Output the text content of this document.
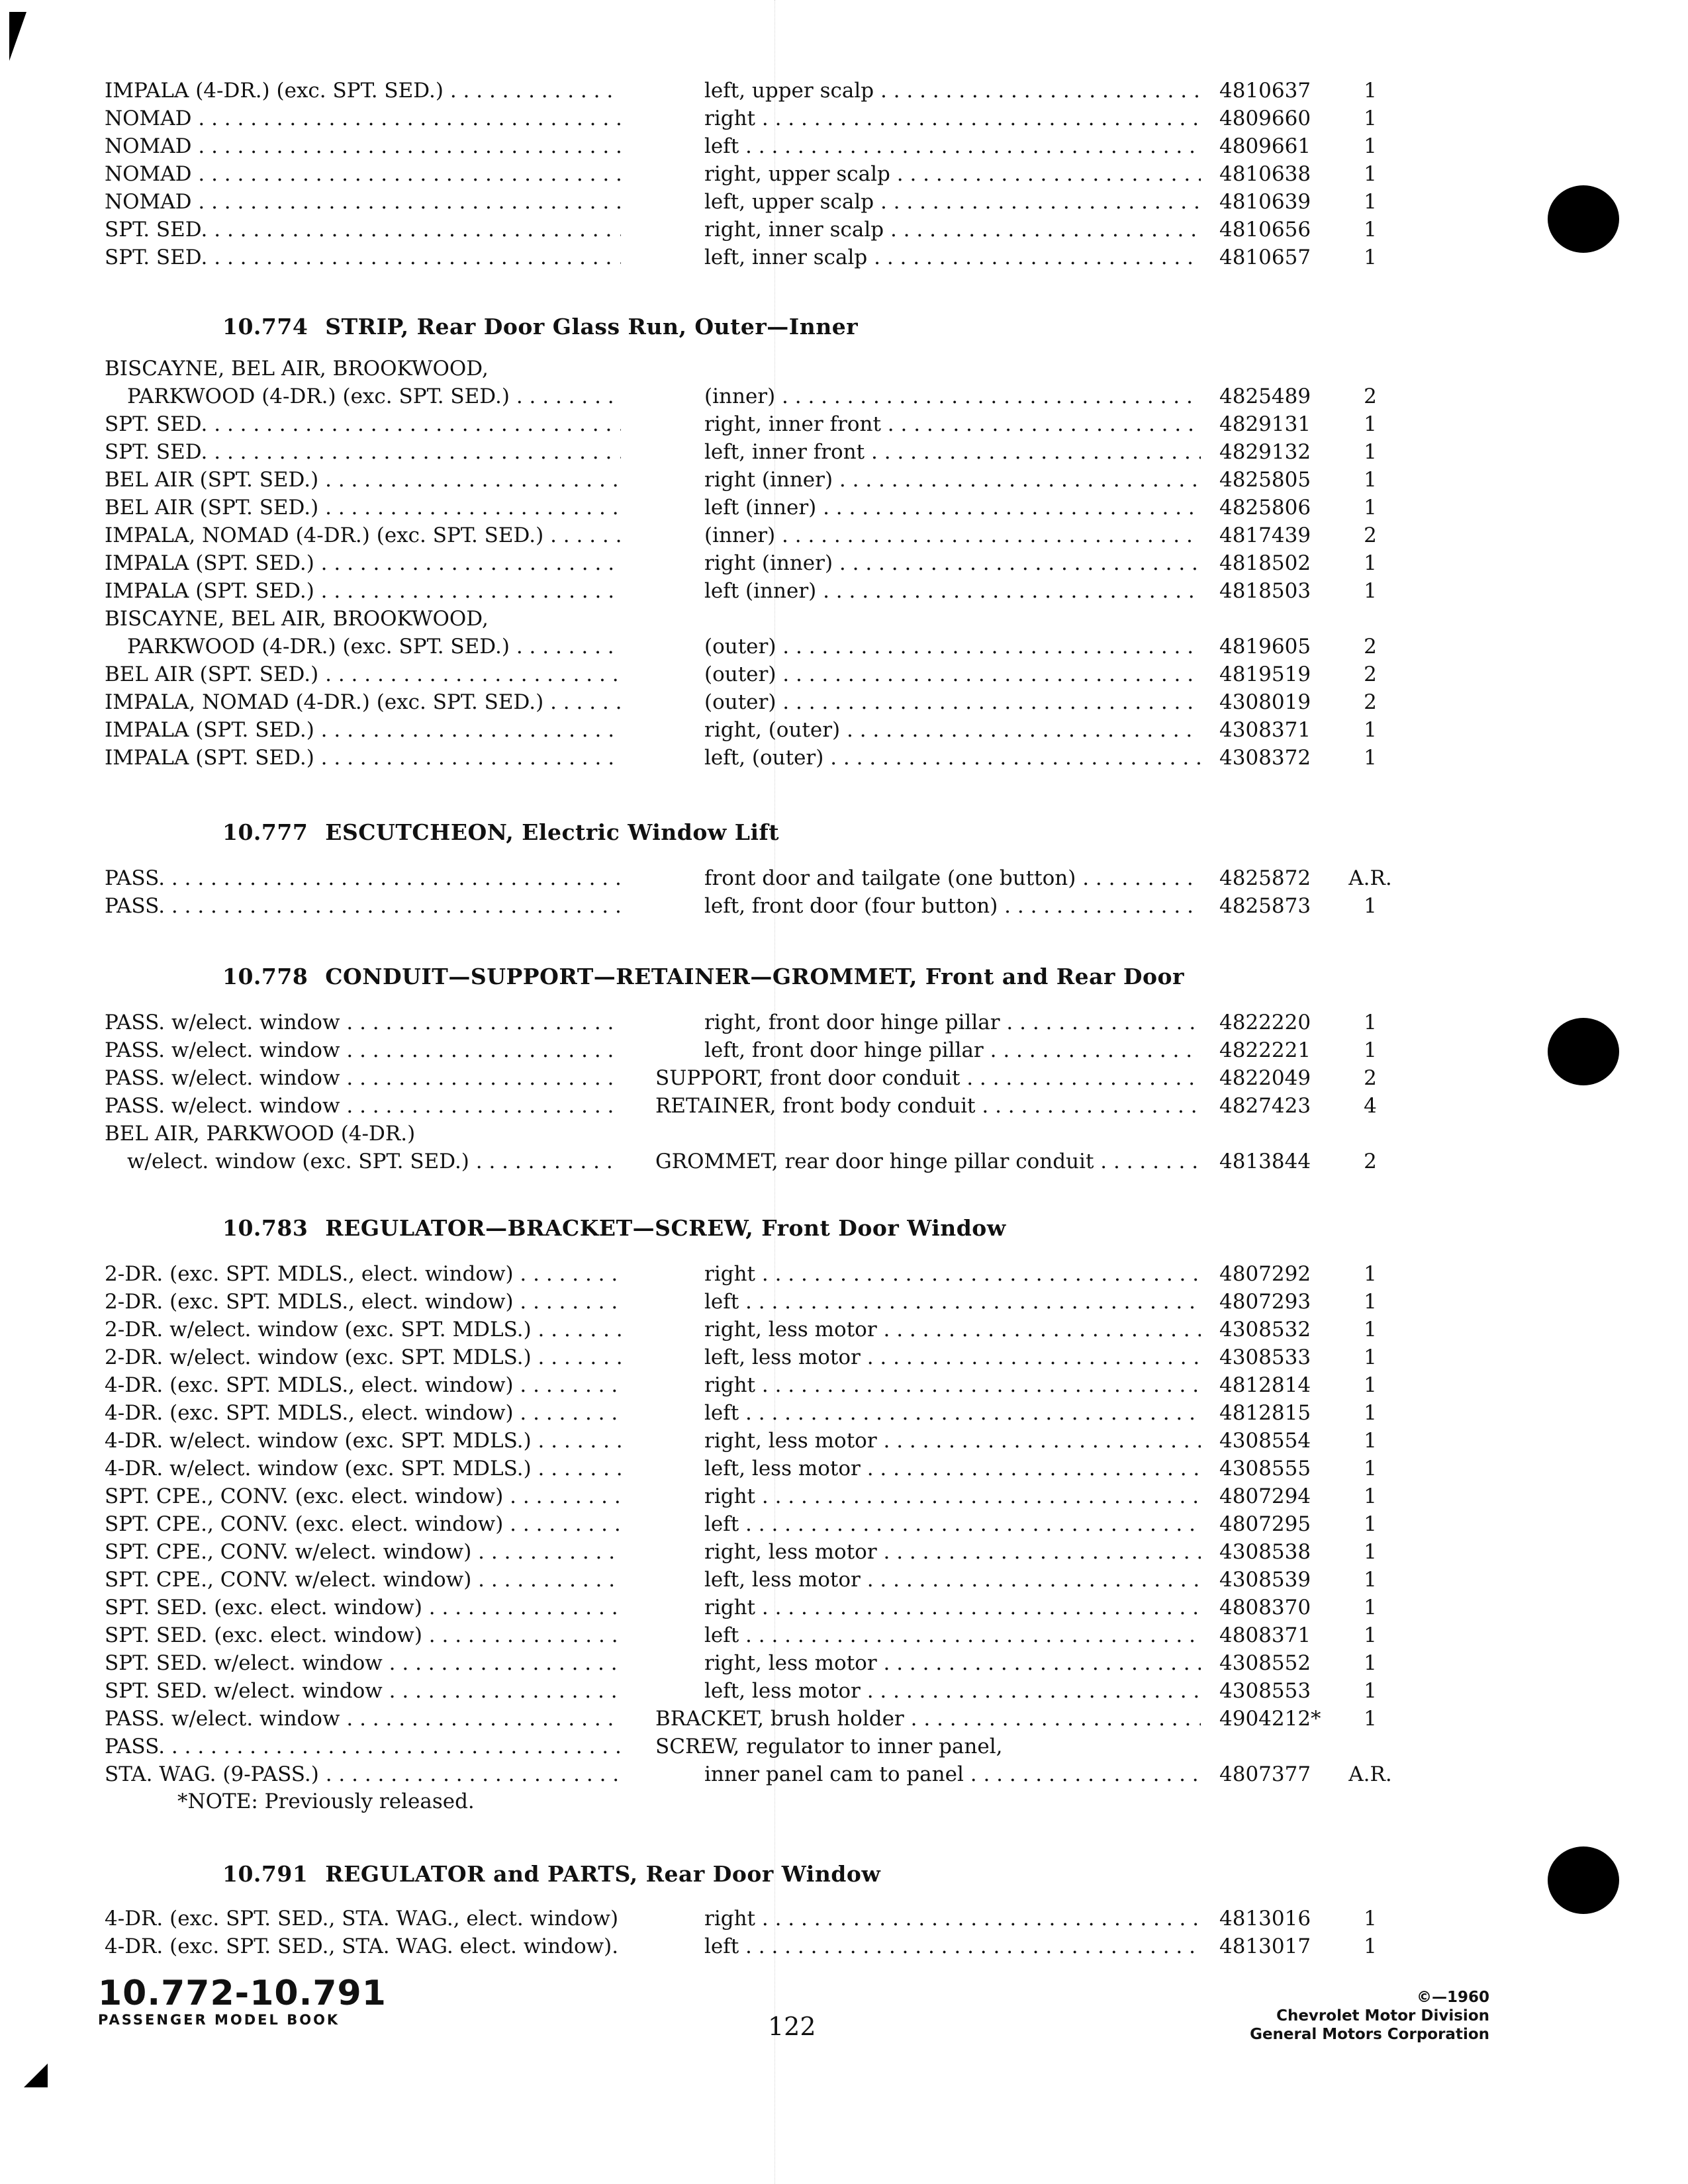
IMPALA (4-DR.) (exc. SPT. SED.) . . .	left, upper scalp . . .	4810637	1
NOMAD . . .	right . . .	4809660	1
NOMAD . . .	left . . .	4809661	1
NOMAD . . .	right, upper scalp . . .	4810638	1
NOMAD . . .	left, upper scalp . . .	4810639	1
SPT. SED. . . .	right, inner scalp . . .	4810656	1
SPT. SED. . . .	left, inner scalp . . .	4810657	1
10.774 STRIP, Rear Door Glass Run, Outer—Inner
BISCAYNE, BEL AIR, BROOKWOOD,
PARKWOOD (4-DR.) (exc. SPT. SED.) . . .	(inner) . . .	4825489	2
SPT. SED. . . .	right, inner front . . .	4829131	1
SPT. SED. . . .	left, inner front . . .	4829132	1
BEL AIR (SPT. SED.) . . .	right (inner) . . .	4825805	1
BEL AIR (SPT. SED.) . . .	left (inner) . . .	4825806	1
IMPALA, NOMAD (4-DR.) (exc. SPT. SED.) . . .	(inner) . . .	4817439	2
IMPALA (SPT. SED.) . . .	right (inner) . . .	4818502	1
IMPALA (SPT. SED.) . . .	left (inner) . . .	4818503	1
BISCAYNE, BEL AIR, BROOKWOOD,
PARKWOOD (4-DR.) (exc. SPT. SED.) . . .	(outer) . . .	4819605	2
BEL AIR (SPT. SED.) . . .	(outer) . . .	4819519	2
IMPALA, NOMAD (4-DR.) (exc. SPT. SED.) . . .	(outer) . . .	4308019	2
IMPALA (SPT. SED.) . . .	right, (outer) . . .	4308371	1
IMPALA (SPT. SED.) . . .	left, (outer) . . .	4308372	1
10.777 ESCUTCHEON, Electric Window Lift
PASS. . . .	front door and tailgate (one button) . . .	4825872	A.R.
PASS. . . .	left, front door (four button) . . .	4825873	1
10.778 CONDUIT—SUPPORT—RETAINER—GROMMET, Front and Rear Door
PASS. w/elect. window . . .	right, front door hinge pillar . . .	4822220	1
PASS. w/elect. window . . .	left, front door hinge pillar . . .	4822221	1
PASS. w/elect. window . . .	SUPPORT, front door conduit . . .	4822049	2
PASS. w/elect. window . . .	RETAINER, front body conduit . . .	4827423	4
BEL AIR, PARKWOOD (4-DR.)
w/elect. window (exc. SPT. SED.) . . .	GROMMET, rear door hinge pillar conduit . . .	4813844	2
10.783 REGULATOR—BRACKET—SCREW, Front Door Window
2-DR. (exc. SPT. MDLS., elect. window) . . .	right . . .	4807292	1
2-DR. (exc. SPT. MDLS., elect. window) . . .	left . . .	4807293	1
2-DR. w/elect. window (exc. SPT. MDLS.) . . .	right, less motor . . .	4308532	1
2-DR. w/elect. window (exc. SPT. MDLS.) . . .	left, less motor . . .	4308533	1
4-DR. (exc. SPT. MDLS., elect. window) . . .	right . . .	4812814	1
4-DR. (exc. SPT. MDLS., elect. window) . . .	left . . .	4812815	1
4-DR. w/elect. window (exc. SPT. MDLS.) . . .	right, less motor . . .	4308554	1
4-DR. w/elect. window (exc. SPT. MDLS.) . . .	left, less motor . . .	4308555	1
SPT. CPE., CONV. (exc. elect. window) . . .	right . . .	4807294	1
SPT. CPE., CONV. (exc. elect. window) . . .	left . . .	4807295	1
SPT. CPE., CONV. w/elect. window) . . .	right, less motor . . .	4308538	1
SPT. CPE., CONV. w/elect. window) . . .	left, less motor . . .	4308539	1
SPT. SED. (exc. elect. window) . . .	right . . .	4808370	1
SPT. SED. (exc. elect. window) . . .	left . . .	4808371	1
SPT. SED. w/elect. window . . .	right, less motor . . .	4308552	1
SPT. SED. w/elect. window . . .	left, less motor . . .	4308553	1
PASS. w/elect. window . . .	BRACKET, brush holder . . .	4904212*	1
PASS. . . .	SCREW, regulator to inner panel,
STA. WAG. (9-PASS.) . . .	inner panel cam to panel . . .	4807377	A.R.
*NOTE: Previously released.
10.791 REGULATOR and PARTS, Rear Door Window
4-DR. (exc. SPT. SED., STA. WAG., elect. window)	right . . .	4813016	1
4-DR. (exc. SPT. SED., STA. WAG. elect. window).	left . . .	4813017	1
10.772-10.791
PASSENGER MODEL BOOK	122
©—1960
Chevrolet Motor Division
General Motors Corporation
